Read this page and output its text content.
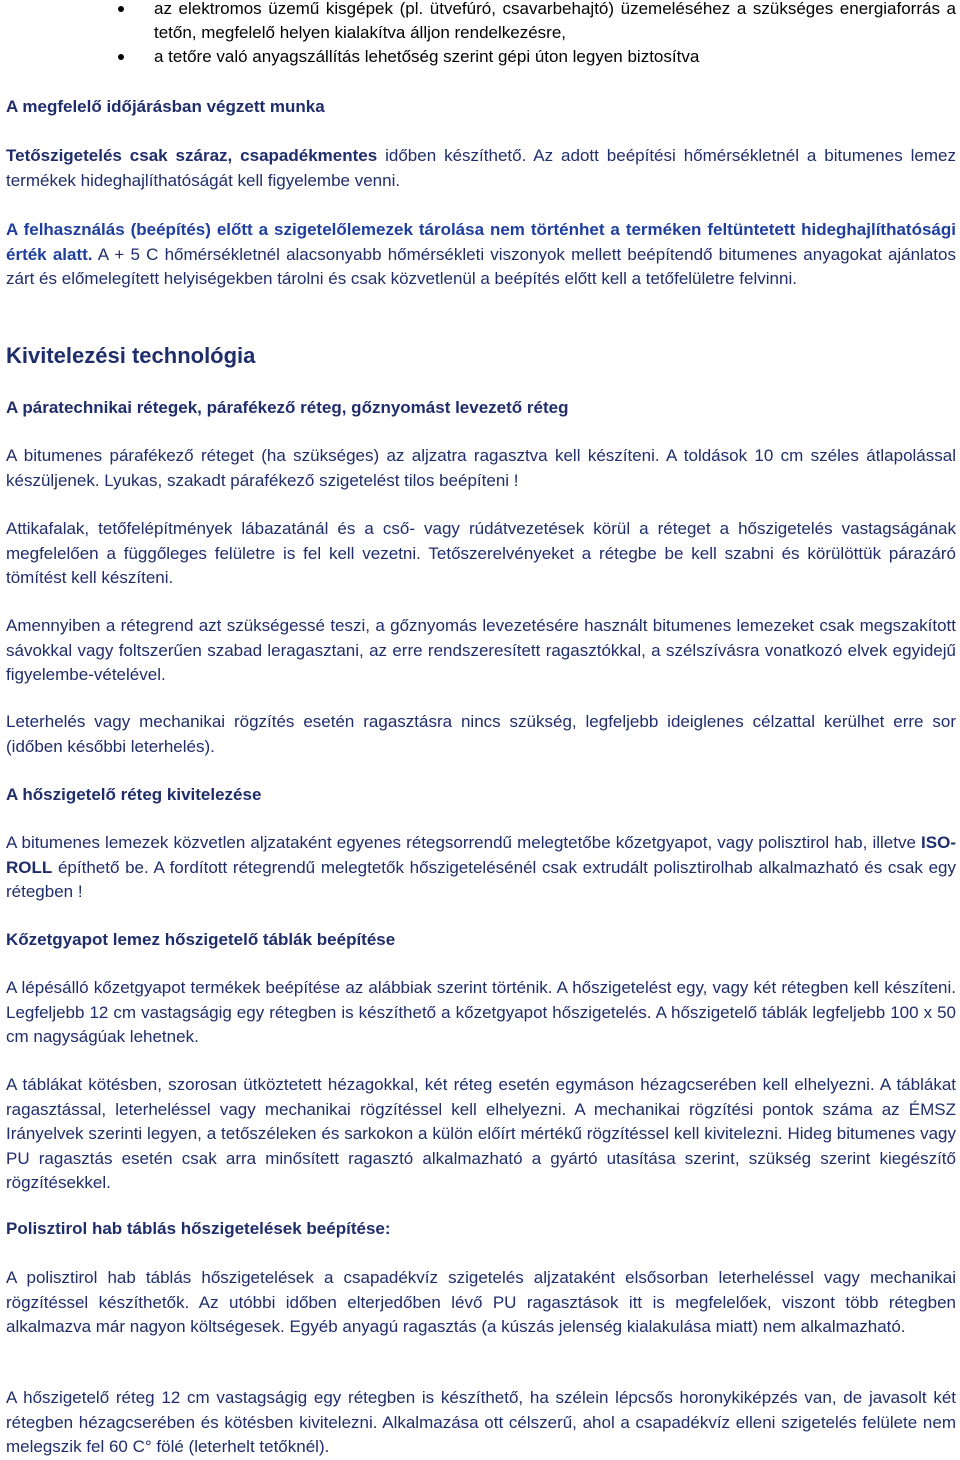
az elektromos üzemű kisgépek (pl. ütvefúró, csavarbehajtó) üzemeléséhez a szükséges energiaforrás a tetőn, megfelelő helyen kialakítva álljon rendelkezésre,
a tetőre való anyagszállítás lehetőség szerint gépi úton legyen biztosítva
A megfelelő időjárásban végzett munka

Tetőszigetelés csak száraz, csapadékmentes időben készíthető. Az adott beépítési hőmérsékletnél a bitumenes lemez termékek hideghajlíthatóságát kell figyelembe venni.

A felhasználás (beépítés) előtt a szigetelőlemezek tárolása nem történhet a terméken feltüntetett hideghajlíthatósági érték alatt. A + 5 C hőmérsékletnél alacsonyabb hőmérsékleti viszonyok mellett beépítendő bitumenes anyagokat ajánlatos zárt és előmelegített helyiségekben tárolni és csak közvetlenül a beépítés előtt kell a tetőfelületre felvinni.

Kivitelezési technológia
A páratechnikai rétegek, párafékező réteg, gőznyomást levezető réteg

A bitumenes párafékező réteget (ha szükséges) az aljzatra ragasztva kell készíteni. A toldások 10 cm széles átlapolással készüljenek. Lyukas, szakadt párafékező szigetelést tilos beépíteni !

Attikafalak, tetőfelépítmények lábazatánál és a cső- vagy rúdátvezetések körül a réteget a hőszigetelés vastagságának megfelelően a függőleges felületre is fel kell vezetni. Tetőszerelvényeket a rétegbe be kell szabni és körülöttük párazáró tömítést kell készíteni.

Amennyiben a rétegrend azt szükségessé teszi, a gőznyomás levezetésére használt bitumenes lemezeket csak megszakított sávokkal vagy foltszerűen szabad leragasztani, az erre rendszeresített ragasztókkal, a szélszívásra vonatkozó elvek egyidejű figyelembe-vételével.

Leterhelés vagy mechanikai rögzítés esetén ragasztásra nincs szükség, legfeljebb ideiglenes célzattal kerülhet erre sor (időben későbbi leterhelés).

A hőszigetelő réteg kivitelezése

A bitumenes lemezek közvetlen aljzataként egyenes rétegsorrendű melegtetőbe kőzetgyapot, vagy polisztirol hab, illetve ISO-ROLL építhető be. A fordított rétegrendű melegtetők hőszigetelésénél csak extrudált polisztirolhab alkalmazható és csak egy rétegben !

Kőzetgyapot lemez hőszigetelő táblák beépítése

A lépésálló kőzetgyapot termékek beépítése az alábbiak szerint történik. A hőszigetelést egy, vagy két rétegben kell készíteni. Legfeljebb 12 cm vastagságig egy rétegben is készíthető a kőzetgyapot hőszigetelés. A hőszigetelő táblák legfeljebb 100 x 50 cm nagyságúak lehetnek.

A táblákat kötésben, szorosan ütköztetett hézagokkal, két réteg esetén egymáson hézagcserében kell elhelyezni. A táblákat ragasztással, leterheléssel vagy mechanikai rögzítéssel kell elhelyezni. A mechanikai rögzítési pontok száma az ÉMSZ Irányelvek szerinti legyen, a tetőszéleken és sarkokon a külön előírt mértékű rögzítéssel kell kivitelezni. Hideg bitumenes vagy PU ragasztás esetén csak arra minősített ragasztó alkalmazható a gyártó utasítása szerint, szükség szerint kiegészítő rögzítésekkel.

Polisztirol hab táblás hőszigetelések beépítése:

A polisztirol hab táblás hőszigetelések a csapadékvíz szigetelés aljzataként elsősorban leterheléssel vagy mechanikai rögzítéssel készíthetők. Az utóbbi időben elterjedőben lévő PU ragasztások itt is megfelelőek, viszont több rétegben alkalmazva már nagyon költségesek. Egyéb anyagú ragasztás (a kúszás jelenség kialakulása miatt) nem alkalmazható.

A hőszigetelő réteg 12 cm vastagságig egy rétegben is készíthető, ha szélein lépcsős horonykiképzés van, de javasolt két rétegben hézagcserében és kötésben kivitelezni. Alkalmazása ott célszerű, ahol a csapadékvíz elleni szigetelés felülete nem melegszik fel 60 C° fölé (leterhelt tetőknél).
